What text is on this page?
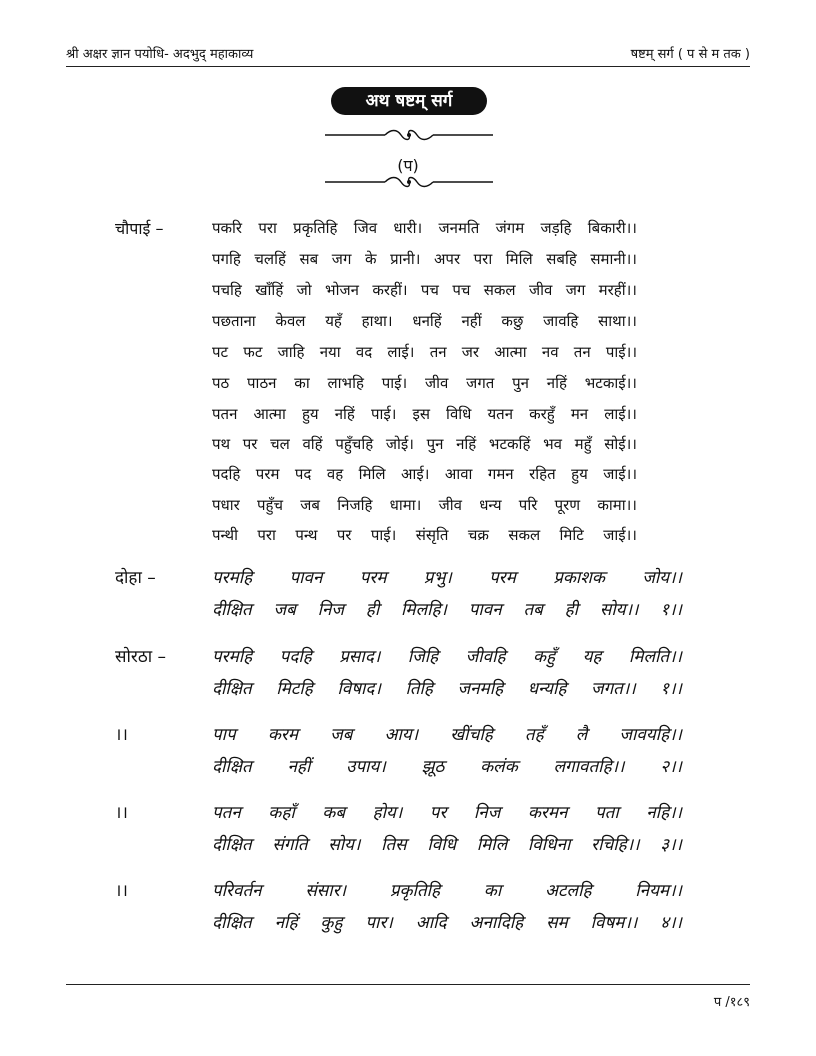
श्री अक्षर ज्ञान पयोधि- अदभुद् महाकाव्य	षष्टम् सर्ग ( प से म तक )
अथ षष्टम् सर्ग
(प)
चौपाई –	पकरि परा प्रकृतिहि जिव धारी। जनमति जंगम जड़हि बिकारी।।
पगहि चलहिं सब जग के प्रानी। अपर परा मिलि सबहि समानी।।
पचहि खाँहिं जो भोजन करहीं। पच पच सकल जीव जग मरहीं।।
पछताना केवल यहँ हाथा। धनहिं नहीं कछु जावहि साथा।।
पट फट जाहि नया वद लाई। तन जर आत्मा नव तन पाई।।
पठ पाठन का लाभहि पाई। जीव जगत पुन नहिं भटकाई।।
पतन आत्मा हुय नहिं पाई। इस विधि यतन करहुँ मन लाई।।
पथ पर चल वहिं पहुँचहि जोई। पुन नहिं भटकहिं भव महुँ सोई।।
पदहि परम पद वह मिलि आई। आवा गमन रहित हुय जाई।।
पधार पहुँच जब निजहि धामा। जीव धन्य परि पूरण कामा।।
पन्थी परा पन्थ पर पाई। संसृति चक्र सकल मिटि जाई।।
दोहा –	परमहि पावन परम प्रभु। परम प्रकाशक जोय।।
दीक्षित जब निज ही मिलहि। पावन तब ही सोय।। १।।
सोरठा –	परमहि पदहि प्रसाद। जिहि जीवहि कहुँ यह मिलति।।
दीक्षित मिटहि विषाद। तिहि जनमहि धन्यहि जगत।। १।।
।।	पाप करम जब आय। खींचहि तहँ लै जावयहि।।
दीक्षित नहीं उपाय। झूठ कलंक लगावतहि।। २।।
।।	पतन कहाँ कब होय। पर निज करमन पता नहि।।
दीक्षित संगति सोय। तिस विधि मिलि विधिना रचिहि।। ३।।
।।	परिवर्तन संसार। प्रकृतिहि का अटलहि नियम।।
दीक्षित नहिं कुहु पार। आदि अनादिहि सम विषम।। ४।।
प /१८९
